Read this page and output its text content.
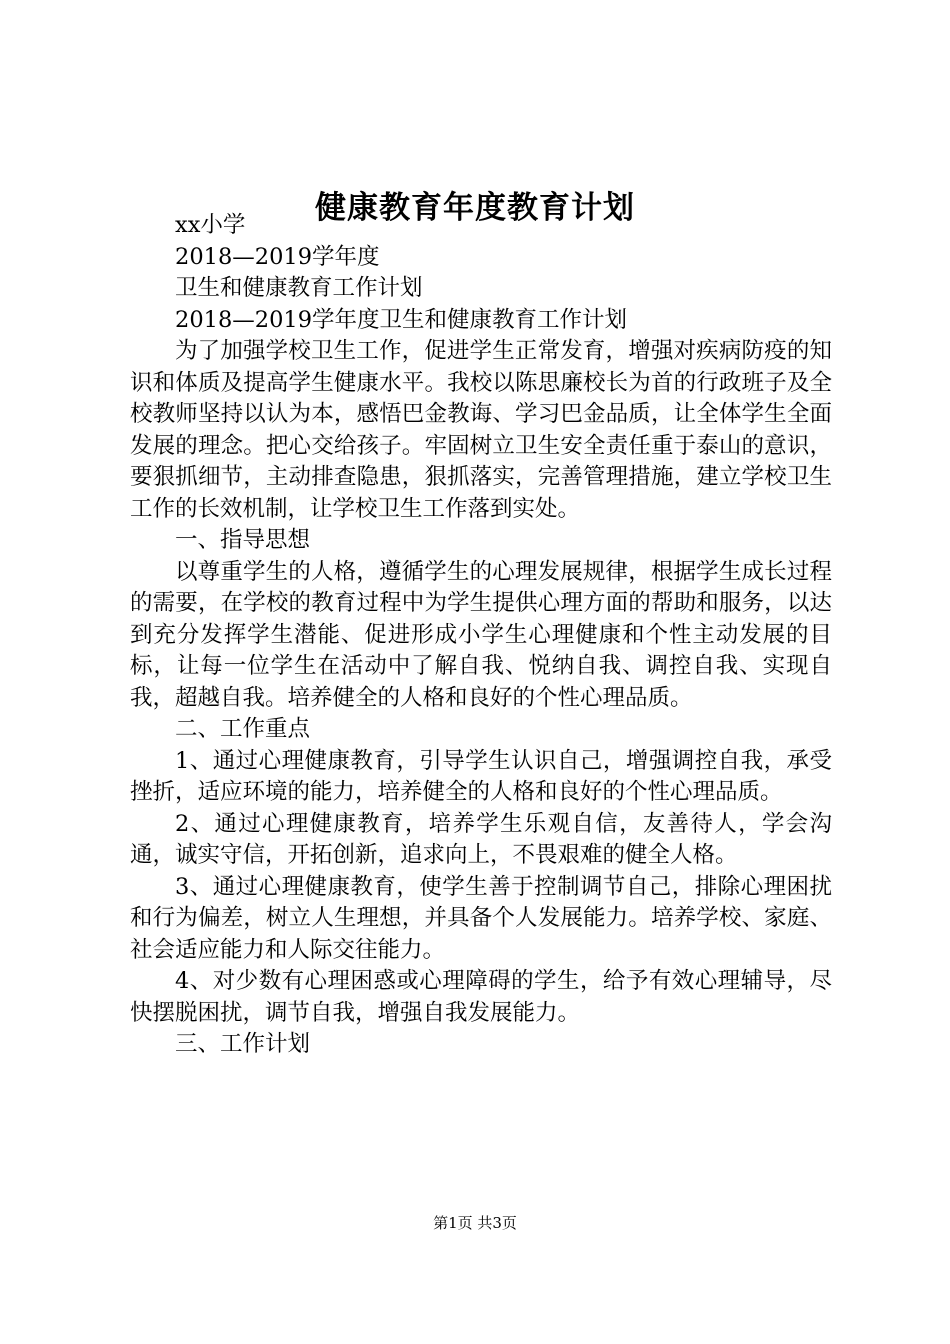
健康教育年度教育计划

xx小学

2018—2019学年度

卫生和健康教育工作计划

2018—2019学年度卫生和健康教育工作计划

为了加强学校卫生工作，促进学生正常发育，增强对疾病防疫的知识和体质及提高学生健康水平。我校以陈思廉校长为首的行政班子及全校教师坚持以认为本，感悟巴金教诲、学习巴金品质，让全体学生全面发展的理念。把心交给孩子。牢固树立卫生安全责任重于泰山的意识，要狠抓细节，主动排查隐患，狠抓落实，完善管理措施，建立学校卫生工作的长效机制，让学校卫生工作落到实处。

一、指导思想

以尊重学生的人格，遵循学生的心理发展规律，根据学生成长过程的需要，在学校的教育过程中为学生提供心理方面的帮助和服务，以达到充分发挥学生潜能、促进形成小学生心理健康和个性主动发展的目标，让每一位学生在活动中了解自我、悦纳自我、调控自我、实现自我，超越自我。培养健全的人格和良好的个性心理品质。

二、工作重点

1、通过心理健康教育，引导学生认识自己，增强调控自我，承受挫折，适应环境的能力，培养健全的人格和良好的个性心理品质。

2、通过心理健康教育，培养学生乐观自信，友善待人，学会沟通，诚实守信，开拓创新，追求向上，不畏艰难的健全人格。

3、通过心理健康教育，使学生善于控制调节自己，排除心理困扰和行为偏差，树立人生理想，并具备个人发展能力。培养学校、家庭、社会适应能力和人际交往能力。

4、对少数有心理困惑或心理障碍的学生，给予有效心理辅导，尽快摆脱困扰，调节自我，增强自我发展能力。

三、工作计划

第1页 共3页
